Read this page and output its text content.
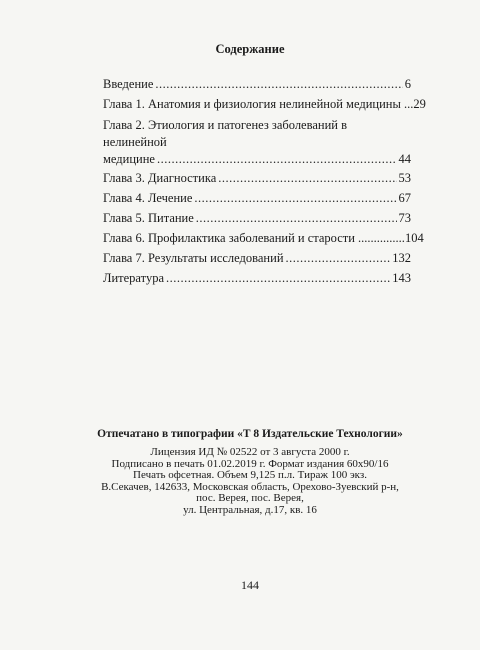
Содержание
Введение .....	6
Глава 1. Анатомия и физиология нелинейной медицины ... 29
Глава 2. Этиология и патогенез заболеваний в нелинейной
медицине .....	44
Глава 3. Диагностика .....	53
Глава 4. Лечение .....	67
Глава 5. Питание .....	73
Глава 6. Профилактика заболеваний и старости ............... 104
Глава 7. Результаты исследований .....	132
Литература .....	143
Отпечатано в типографии «Т 8 Издательские Технологии»
Лицензия ИД № 02522 от 3 августа 2000 г.
Подписано в печать 01.02.2019 г. Формат издания 60x90/16
Печать офсетная. Объем 9,125 п.л. Тираж 100 экз.
В.Секачев, 142633, Московская область, Орехово-Зуевский р-н,
пос. Верея, пос. Верея,
ул. Центральная, д.17, кв. 16
144
